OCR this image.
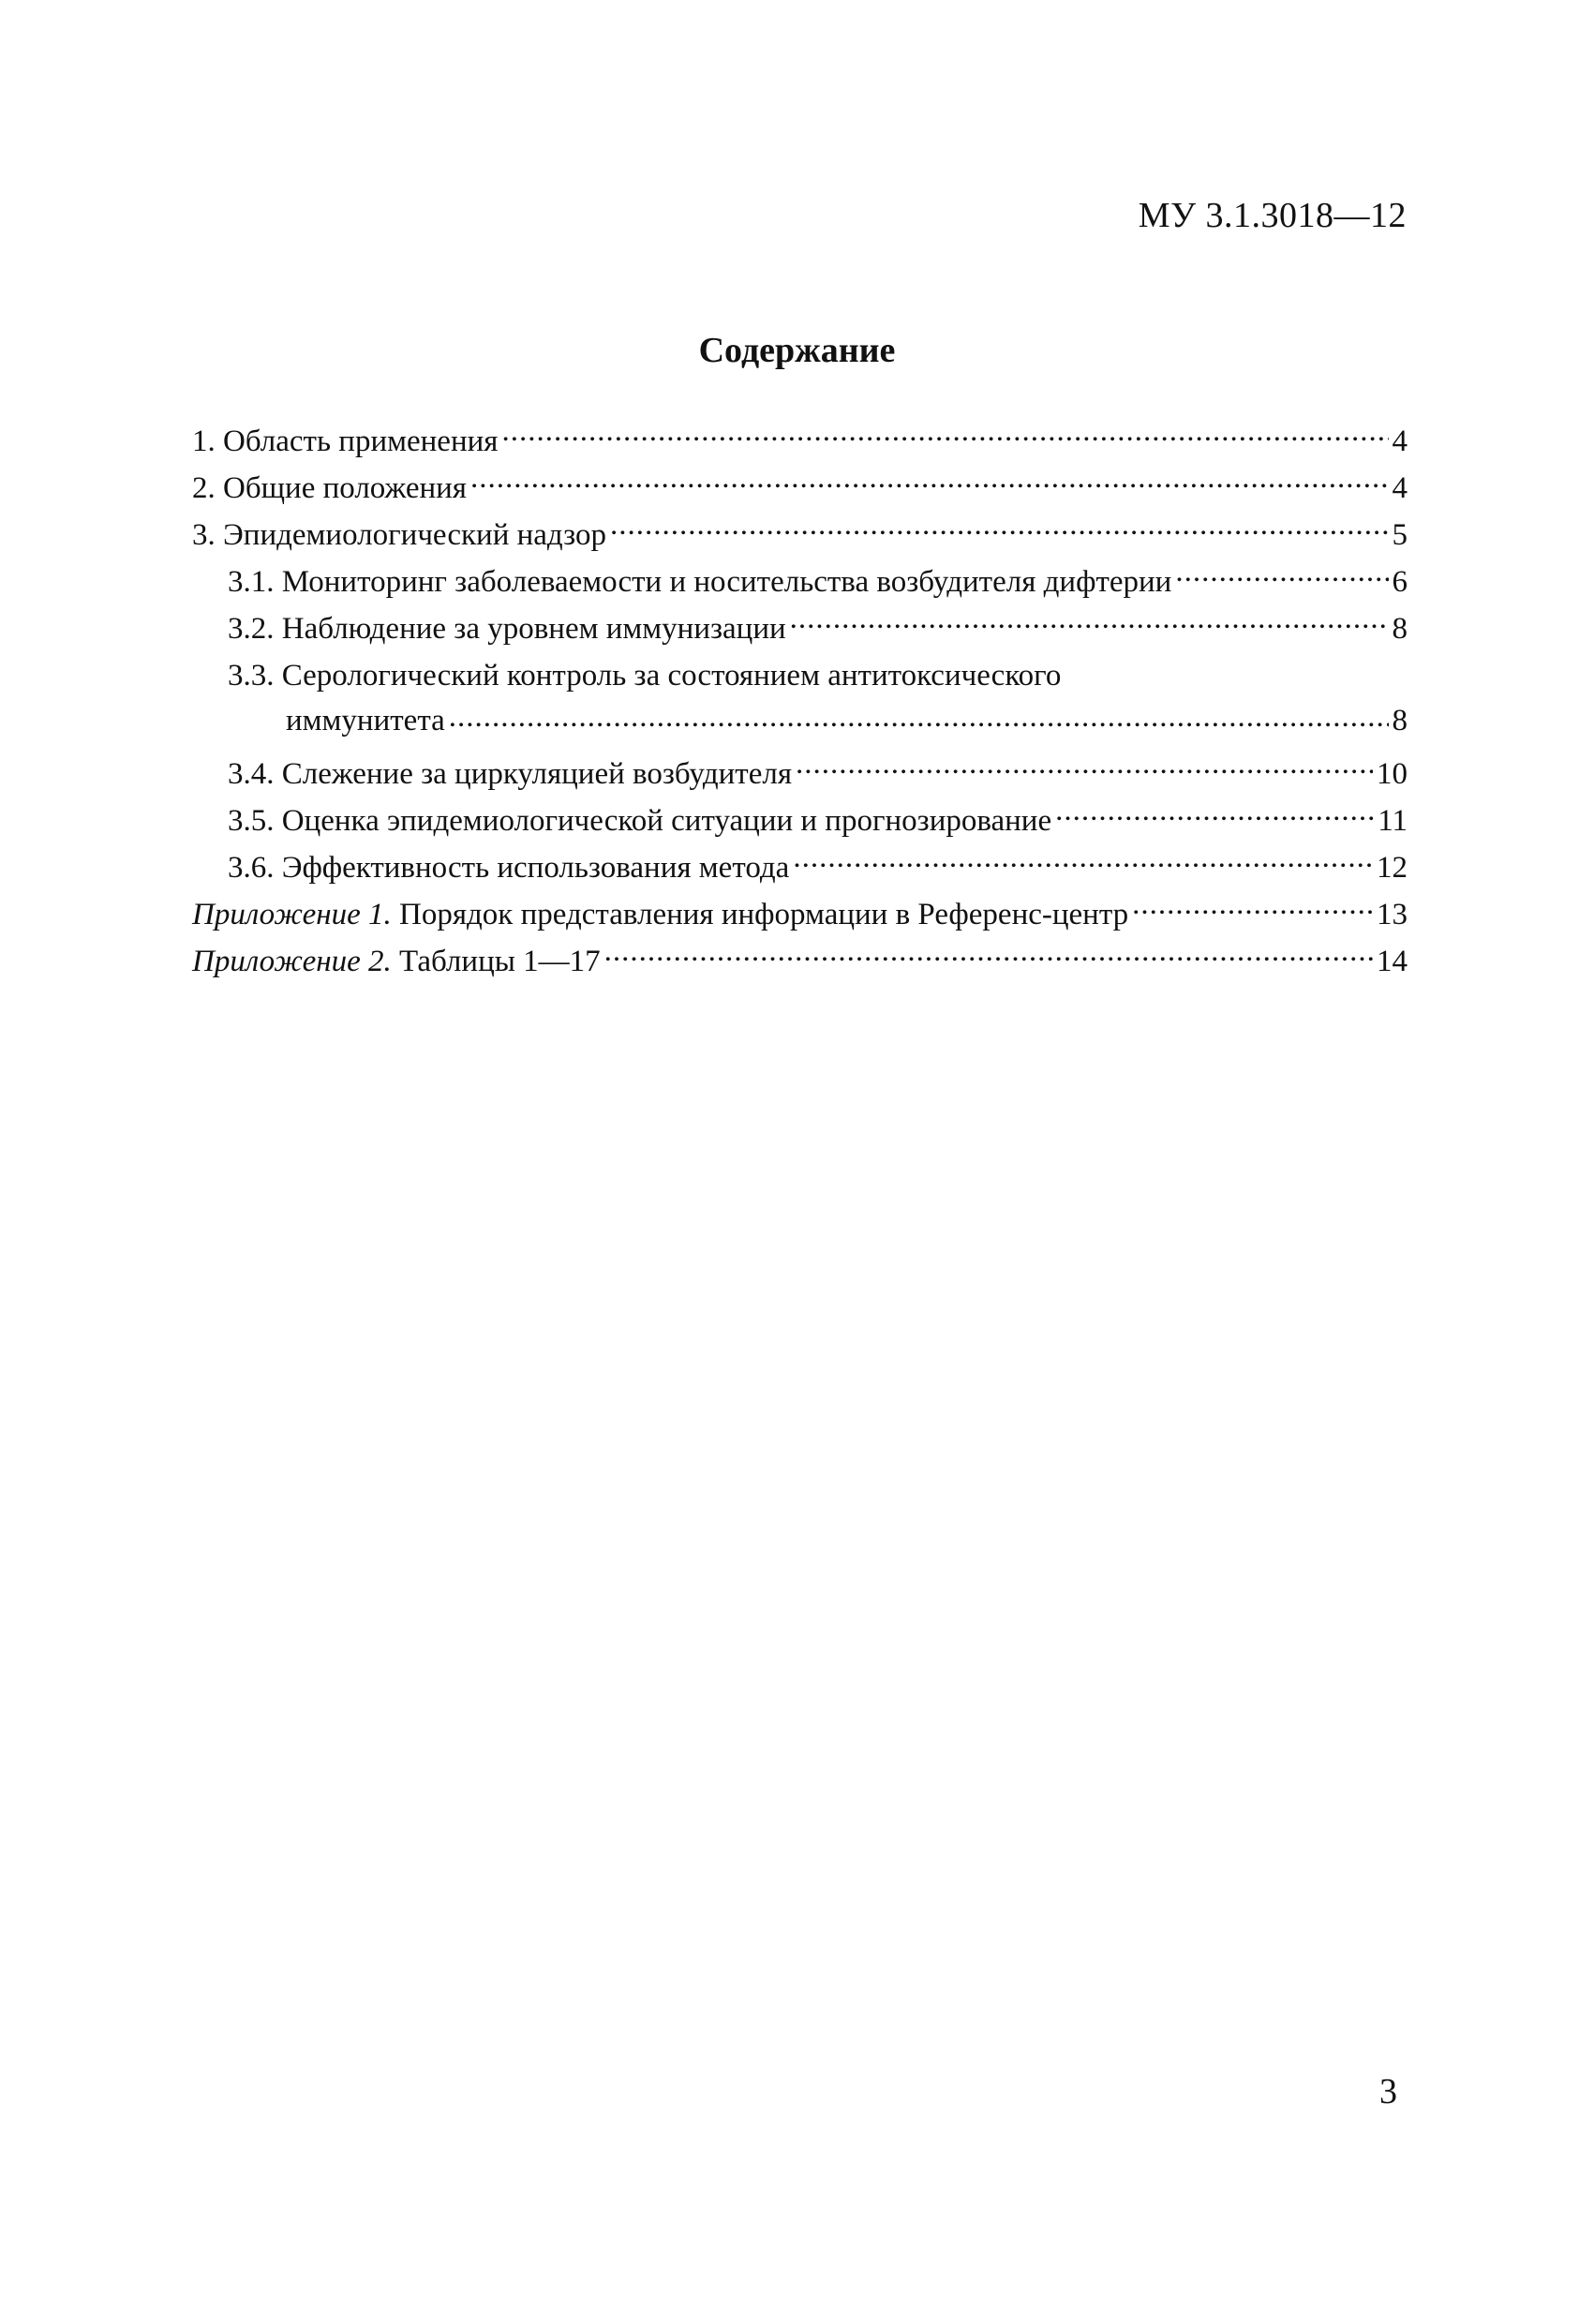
МУ 3.1.3018—12
Содержание
1. Область применения .....	4
2. Общие положения .....	4
3. Эпидемиологический надзор .....	5
3.1. Мониторинг заболеваемости и носительства возбудителя дифтерии .....	6
3.2. Наблюдение за уровнем иммунизации .....	8
3.3. Серологический контроль за состоянием антитоксического
иммунитета .....	8
3.4. Слежение за циркуляцией возбудителя .....	10
3.5. Оценка эпидемиологической ситуации и прогнозирование .....	11
3.6. Эффективность использования метода .....	12
Приложение 1. Порядок представления информации в Референс-центр .....	13
Приложение 2. Таблицы 1—17 .....	14
3
